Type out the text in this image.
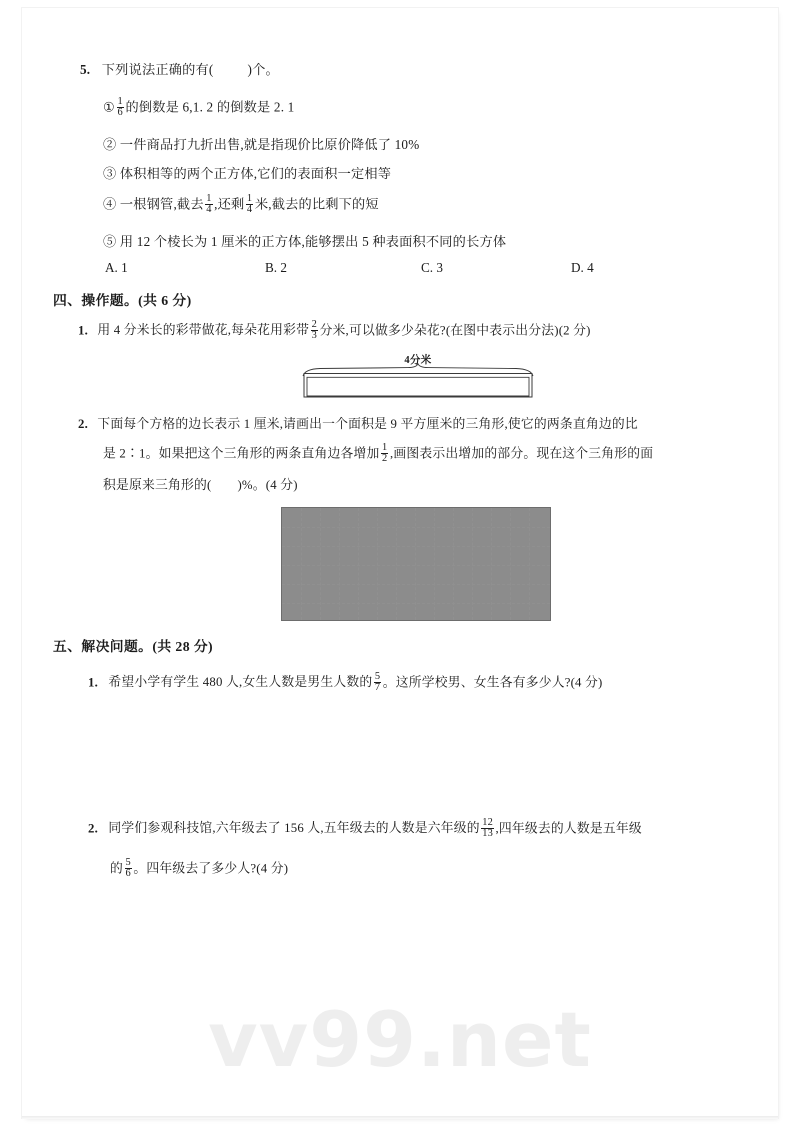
5. 下列说法正确的有(	)个。
① $\frac{1}{6}$ 的倒数是 6,1. 2 的倒数是 2. 1
② 一件商品打九折出售,就是指现价比原价降低了 10%
③ 体积相等的两个正方体,它们的表面积一定相等
④ 一根钢管,截去 $\frac{1}{4}$ ,还剩 $\frac{1}{4}$ 米,截去的比剩下的短
⑤ 用 12 个棱长为 1 厘米的正方体,能够摆出 5 种表面积不同的长方体
A. 1	B. 2	C. 3	D. 4
四、操作题。(共 6 分)
1. 用 4 分米长的彩带做花,每朵花用彩带 $\frac{2}{3}$ 分米,可以做多少朵花?(在图中表示出分法)(2 分)
4分米
2. 下面每个方格的边长表示 1 厘米,请画出一个面积是 9 平方厘米的三角形,使它的两条直角边的比
是 2∶1。如果把这个三角形的两条直角边各增加 $\frac{1}{2}$ ,画图表示出增加的部分。现在这个三角形的面
积是原来三角形的( )%。(4 分)
五、解决问题。(共 28 分)
1. 希望小学有学生 480 人,女生人数是男生人数的 $\frac{5}{7}$ 。这所学校男、女生各有多少人?(4 分)
2. 同学们参观科技馆,六年级去了 156 人,五年级去的人数是六年级的 $\frac{12}{13}$ ,四年级去的人数是五年级
的 $\frac{5}{6}$ 。四年级去了多少人?(4 分)
vv99.net
